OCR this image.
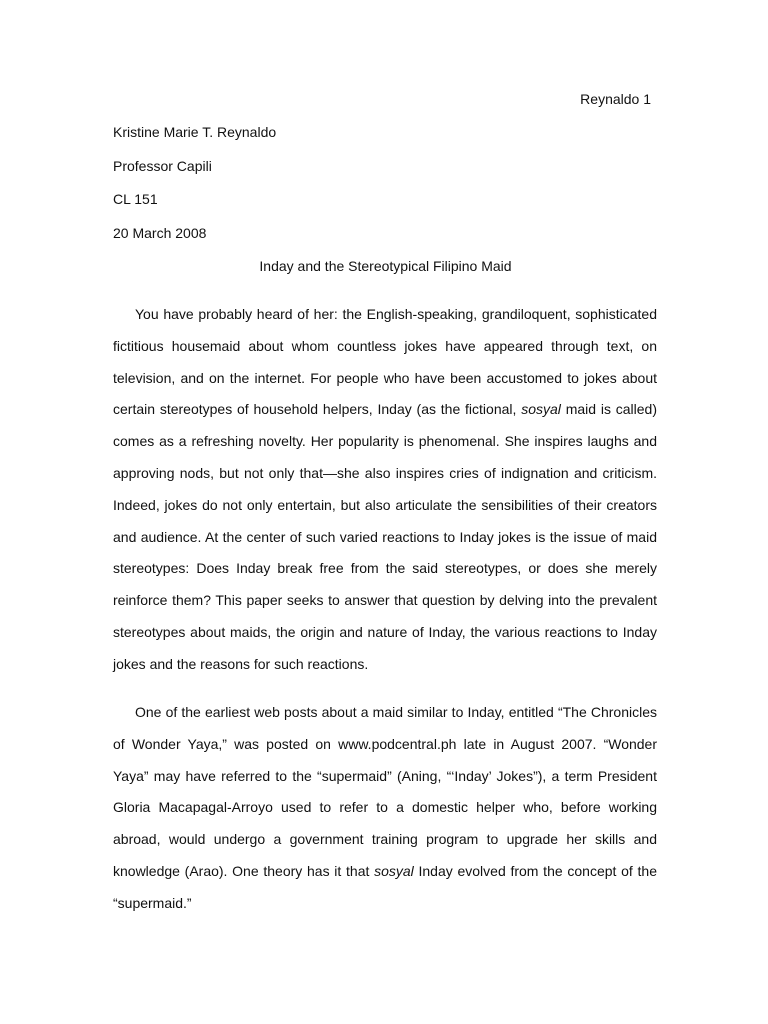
Reynaldo 1
Kristine Marie T. Reynaldo
Professor Capili
CL 151
20 March 2008
Inday and the Stereotypical Filipino Maid

You have probably heard of her: the English-speaking, grandiloquent, sophisticated fictitious housemaid about whom countless jokes have appeared through text, on television, and on the internet. For people who have been accustomed to jokes about certain stereotypes of household helpers, Inday (as the fictional, sosyal maid is called) comes as a refreshing novelty. Her popularity is phenomenal. She inspires laughs and approving nods, but not only that—she also inspires cries of indignation and criticism. Indeed, jokes do not only entertain, but also articulate the sensibilities of their creators and audience. At the center of such varied reactions to Inday jokes is the issue of maid stereotypes: Does Inday break free from the said stereotypes, or does she merely reinforce them? This paper seeks to answer that question by delving into the prevalent stereotypes about maids, the origin and nature of Inday, the various reactions to Inday jokes and the reasons for such reactions.

One of the earliest web posts about a maid similar to Inday, entitled “The Chronicles of Wonder Yaya,” was posted on www.podcentral.ph late in August 2007. “Wonder Yaya” may have referred to the “supermaid” (Aning, “‘Inday’ Jokes”), a term President Gloria Macapagal-Arroyo used to refer to a domestic helper who, before working abroad, would undergo a government training program to upgrade her skills and knowledge (Arao). One theory has it that sosyal Inday evolved from the concept of the “supermaid.”
